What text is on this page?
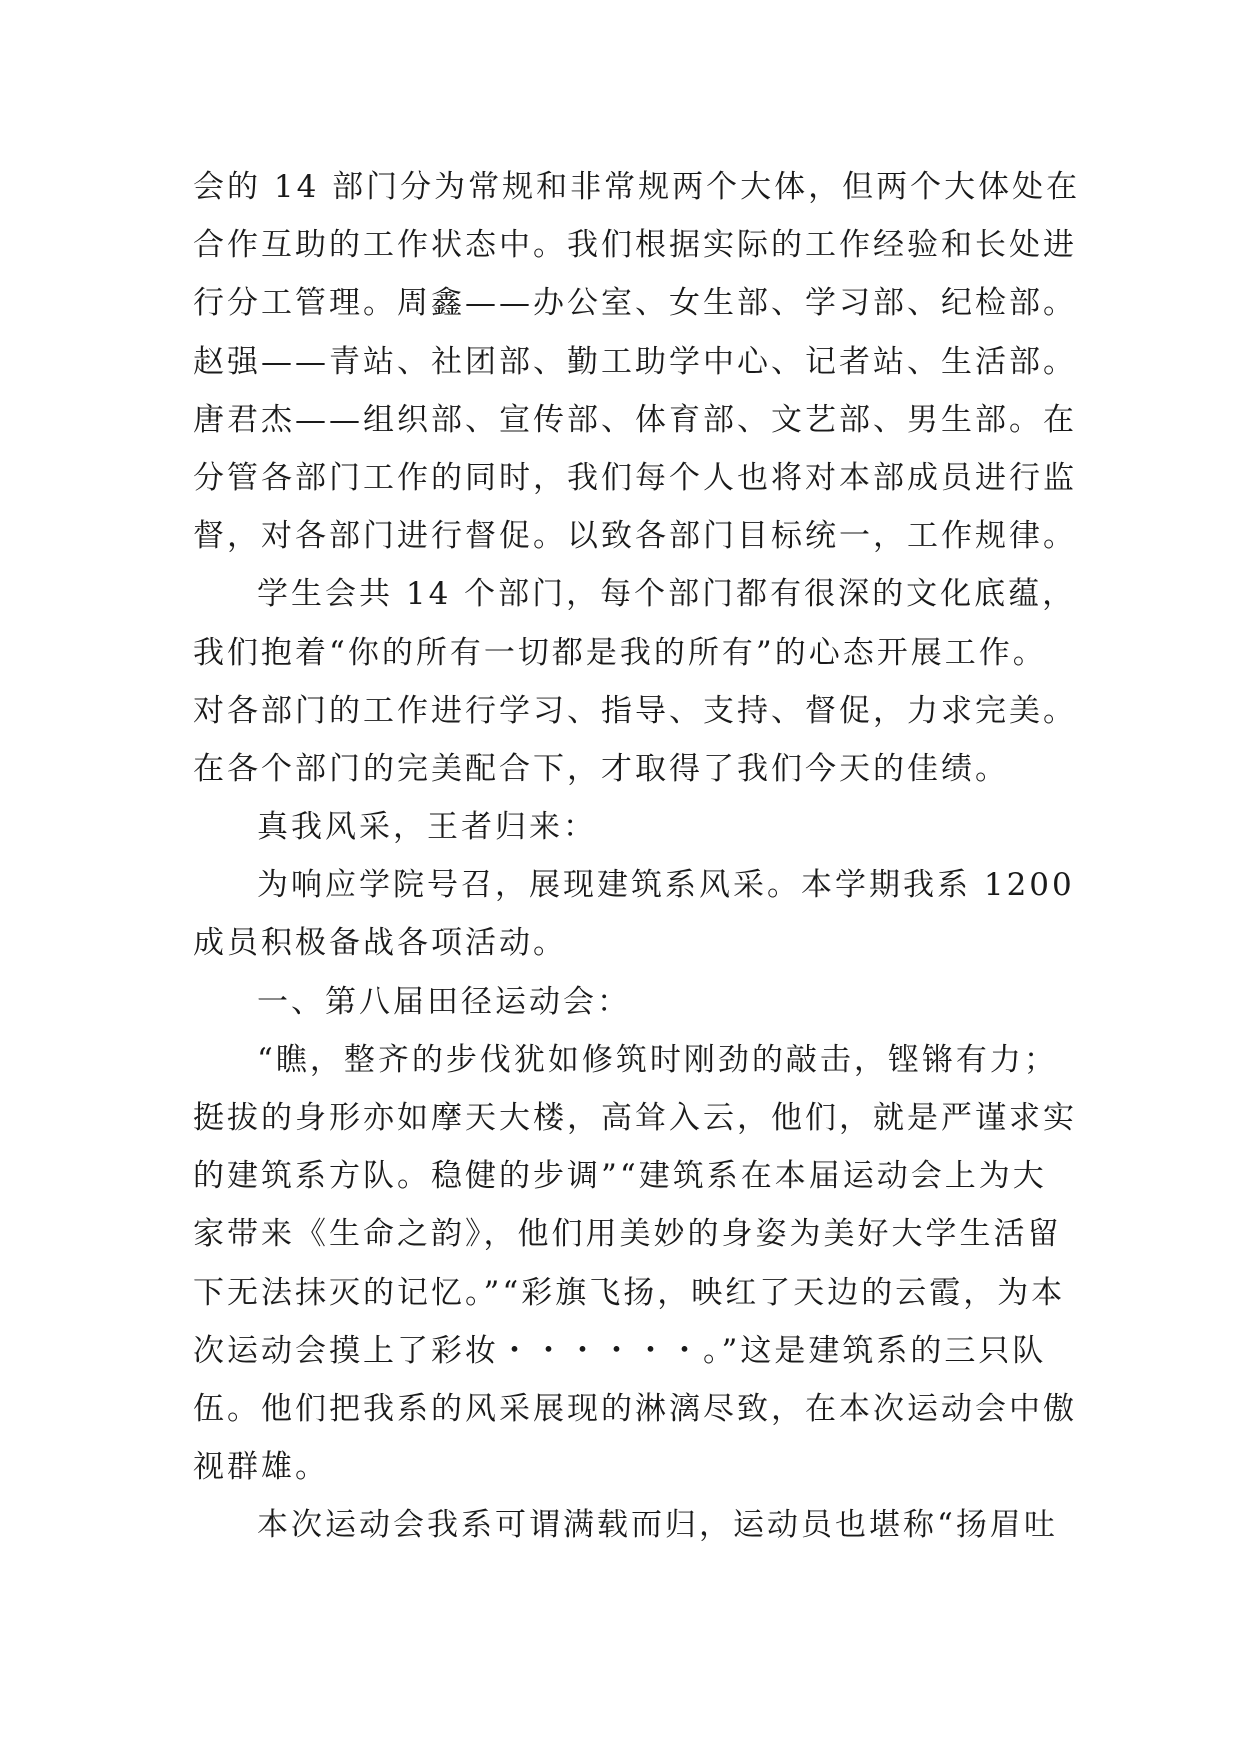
会的 14 部门分为常规和非常规两个大体，但两个大体处在
合作互助的工作状态中。我们根据实际的工作经验和长处进
行分工管理。周鑫——办公室、女生部、学习部、纪检部。
赵强——青站、社团部、勤工助学中心、记者站、生活部。
唐君杰——组织部、宣传部、体育部、文艺部、男生部。在
分管各部门工作的同时，我们每个人也将对本部成员进行监
督，对各部门进行督促。以致各部门目标统一，工作规律。
学生会共 14 个部门，每个部门都有很深的文化底蕴，
我们抱着“你的所有一切都是我的所有”的心态开展工作。
对各部门的工作进行学习、指导、支持、督促，力求完美。
在各个部门的完美配合下，才取得了我们今天的佳绩。
真我风采，王者归来：
为响应学院号召，展现建筑系风采。本学期我系 1200
成员积极备战各项活动。
一、第八届田径运动会：
“瞧，整齐的步伐犹如修筑时刚劲的敲击，铿锵有力；
挺拔的身形亦如摩天大楼，高耸入云，他们，就是严谨求实
的建筑系方队。稳健的步调”“建筑系在本届运动会上为大
家带来《生命之韵》，他们用美妙的身姿为美好大学生活留
下无法抹灭的记忆。”“彩旗飞扬，映红了天边的云霞，为本
次运动会摸上了彩妆・・・・・・。”这是建筑系的三只队
伍。他们把我系的风采展现的淋漓尽致，在本次运动会中傲
视群雄。
本次运动会我系可谓满载而归，运动员也堪称“扬眉吐
